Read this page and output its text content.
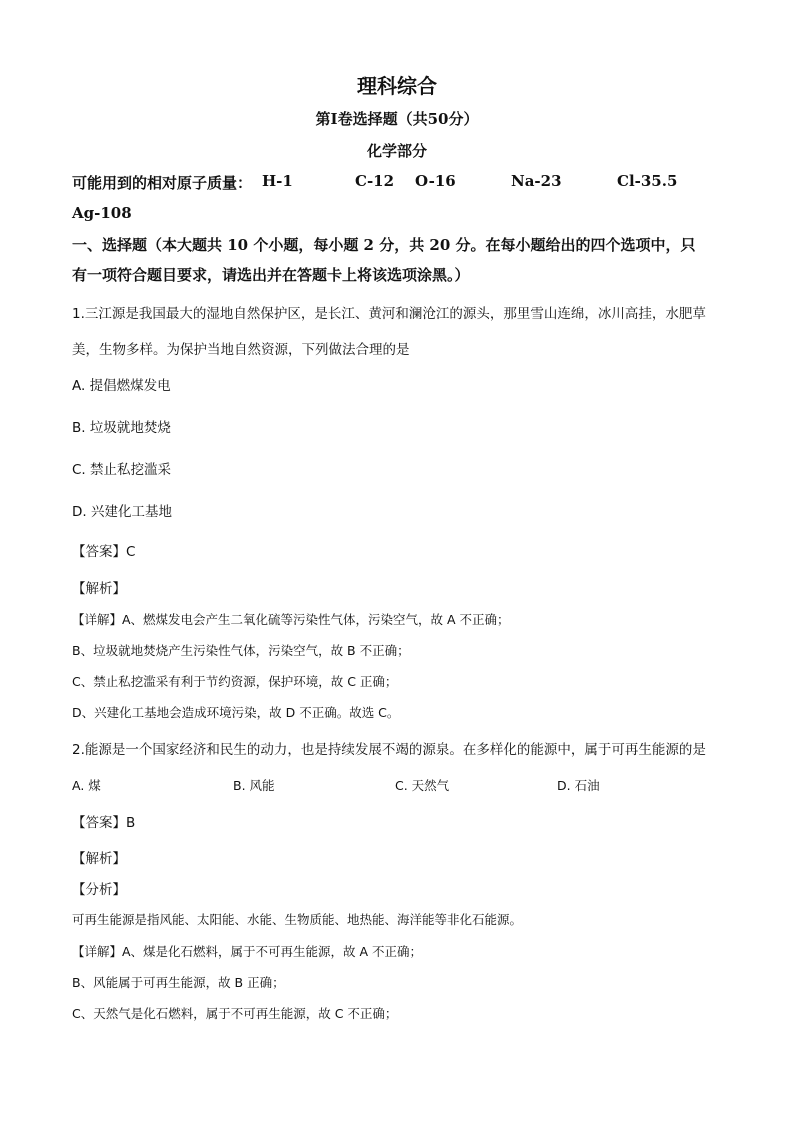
理科综合
第Ⅰ卷选择题（共50分）
化学部分
可能用到的相对原子质量： H-1	C-12 O-16	Na-23	Cl-35.5
Ag-108
一、选择题（本大题共 10 个小题，每小题 2 分，共 20 分。在每小题给出的四个选项中，只
有一项符合题目要求，请选出并在答题卡上将该选项涂黑。）
1.三江源是我国最大的湿地自然保护区，是长江、黄河和澜沧江的源头，那里雪山连绵，冰川高挂，水肥草
美，生物多样。为保护当地自然资源，下列做法合理的是
A. 提倡燃煤发电
B. 垃圾就地焚烧
C. 禁止私挖滥采
D. 兴建化工基地
【答案】C
【解析】
【详解】A、燃煤发电会产生二氧化硫等污染性气体，污染空气，故 A 不正确；
B、垃圾就地焚烧产生污染性气体，污染空气，故 B 不正确；
C、禁止私挖滥采有利于节约资源，保护环境，故 C 正确；
D、兴建化工基地会造成环境污染，故 D 不正确。故选 C。
2.能源是一个国家经济和民生的动力，也是持续发展不竭的源泉。在多样化的能源中，属于可再生能源的是
A. 煤	B. 风能	C. 天然气	D. 石油
【答案】B
【解析】
【分析】
可再生能源是指风能、太阳能、水能、生物质能、地热能、海洋能等非化石能源。
【详解】A、煤是化石燃料，属于不可再生能源，故 A 不正确；
B、风能属于可再生能源，故 B 正确；
C、天然气是化石燃料，属于不可再生能源，故 C 不正确；
